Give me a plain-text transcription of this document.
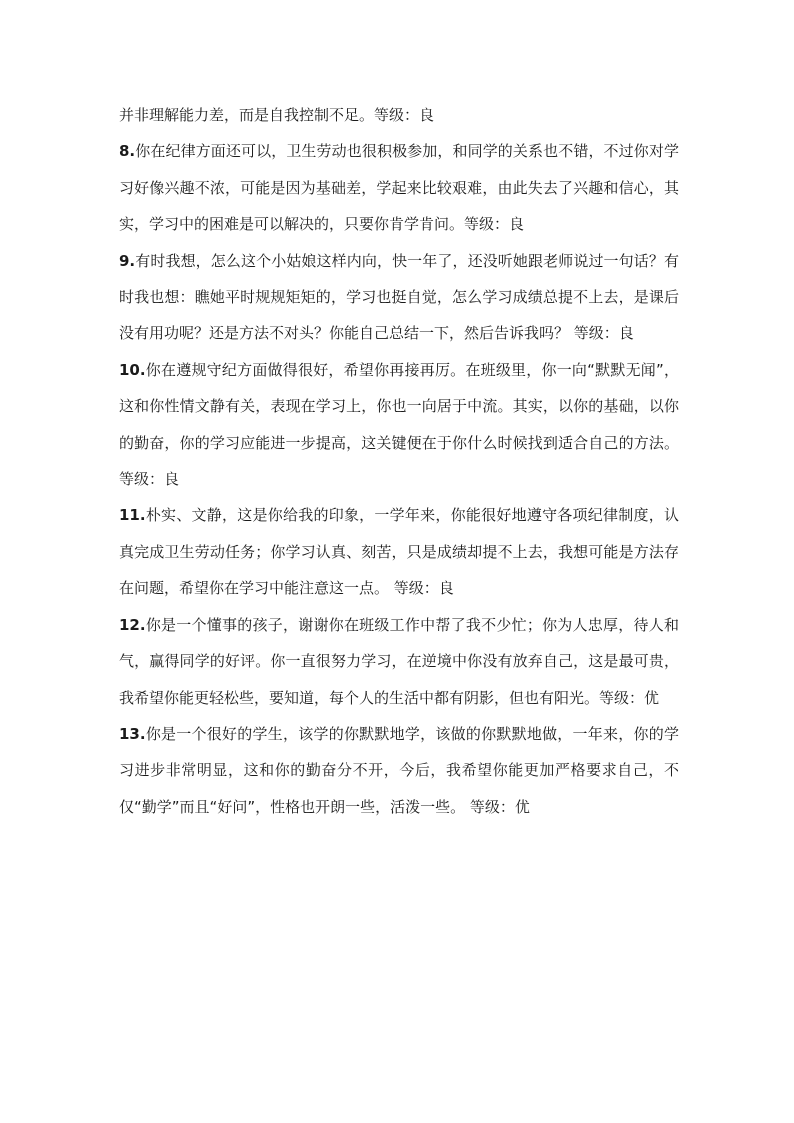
并非理解能力差，而是自我控制不足。等级：良

8.你在纪律方面还可以，卫生劳动也很积极参加，和同学的关系也不错，不过你对学习好像兴趣不浓，可能是因为基础差，学起来比较艰难，由此失去了兴趣和信心，其实，学习中的困难是可以解决的，只要你肯学肯问。等级：良

9.有时我想，怎么这个小姑娘这样内向，快一年了，还没听她跟老师说过一句话？有时我也想：瞧她平时规规矩矩的，学习也挺自觉，怎么学习成绩总提不上去，是课后没有用功呢？还是方法不对头？你能自己总结一下，然后告诉我吗？ 等级：良

10.你在遵规守纪方面做得很好，希望你再接再厉。在班级里，你一向“默默无闻”，这和你性情文静有关，表现在学习上，你也一向居于中流。其实，以你的基础，以你的勤奋，你的学习应能进一步提高，这关键便在于你什么时候找到适合自己的方法。 等级：良

11.朴实、文静，这是你给我的印象，一学年来，你能很好地遵守各项纪律制度，认真完成卫生劳动任务；你学习认真、刻苦，只是成绩却提不上去，我想可能是方法存在问题，希望你在学习中能注意这一点。 等级：良

12.你是一个懂事的孩子，谢谢你在班级工作中帮了我不少忙；你为人忠厚，待人和气，赢得同学的好评。你一直很努力学习，在逆境中你没有放弃自己，这是最可贵，我希望你能更轻松些，要知道，每个人的生活中都有阴影，但也有阳光。等级：优

13.你是一个很好的学生，该学的你默默地学，该做的你默默地做，一年来，你的学习进步非常明显，这和你的勤奋分不开，今后，我希望你能更加严格要求自己，不仅“勤学”而且“好问”，性格也开朗一些，活泼一些。 等级：优
